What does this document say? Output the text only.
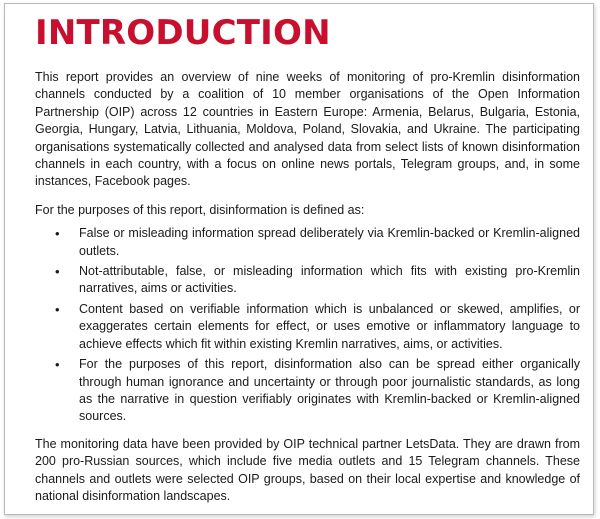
INTRODUCTION

This report provides an overview of nine weeks of monitoring of pro-Kremlin disinformation channels conducted by a coalition of 10 member organisations of the Open Information Partnership (OIP) across 12 countries in Eastern Europe: Armenia, Belarus, Bulgaria, Estonia, Georgia, Hungary, Latvia, Lithuania, Moldova, Poland, Slovakia, and Ukraine. The participating organisations systematically collected and analysed data from select lists of known disinformation channels in each country, with a focus on online news portals, Telegram groups, and, in some instances, Facebook pages.

For the purposes of this report, disinformation is defined as:

• False or misleading information spread deliberately via Kremlin-backed or Kremlin-aligned outlets.
• Not-attributable, false, or misleading information which fits with existing pro-Kremlin narratives, aims or activities.
• Content based on verifiable information which is unbalanced or skewed, amplifies, or exaggerates certain elements for effect, or uses emotive or inflammatory language to achieve effects which fit within existing Kremlin narratives, aims, or activities.
• For the purposes of this report, disinformation also can be spread either organically through human ignorance and uncertainty or through poor journalistic standards, as long as the narrative in question verifiably originates with Kremlin-backed or Kremlin-aligned sources.

The monitoring data have been provided by OIP technical partner LetsData. They are drawn from 200 pro-Russian sources, which include five media outlets and 15 Telegram channels. These channels and outlets were selected OIP groups, based on their local expertise and knowledge of national disinformation landscapes.
